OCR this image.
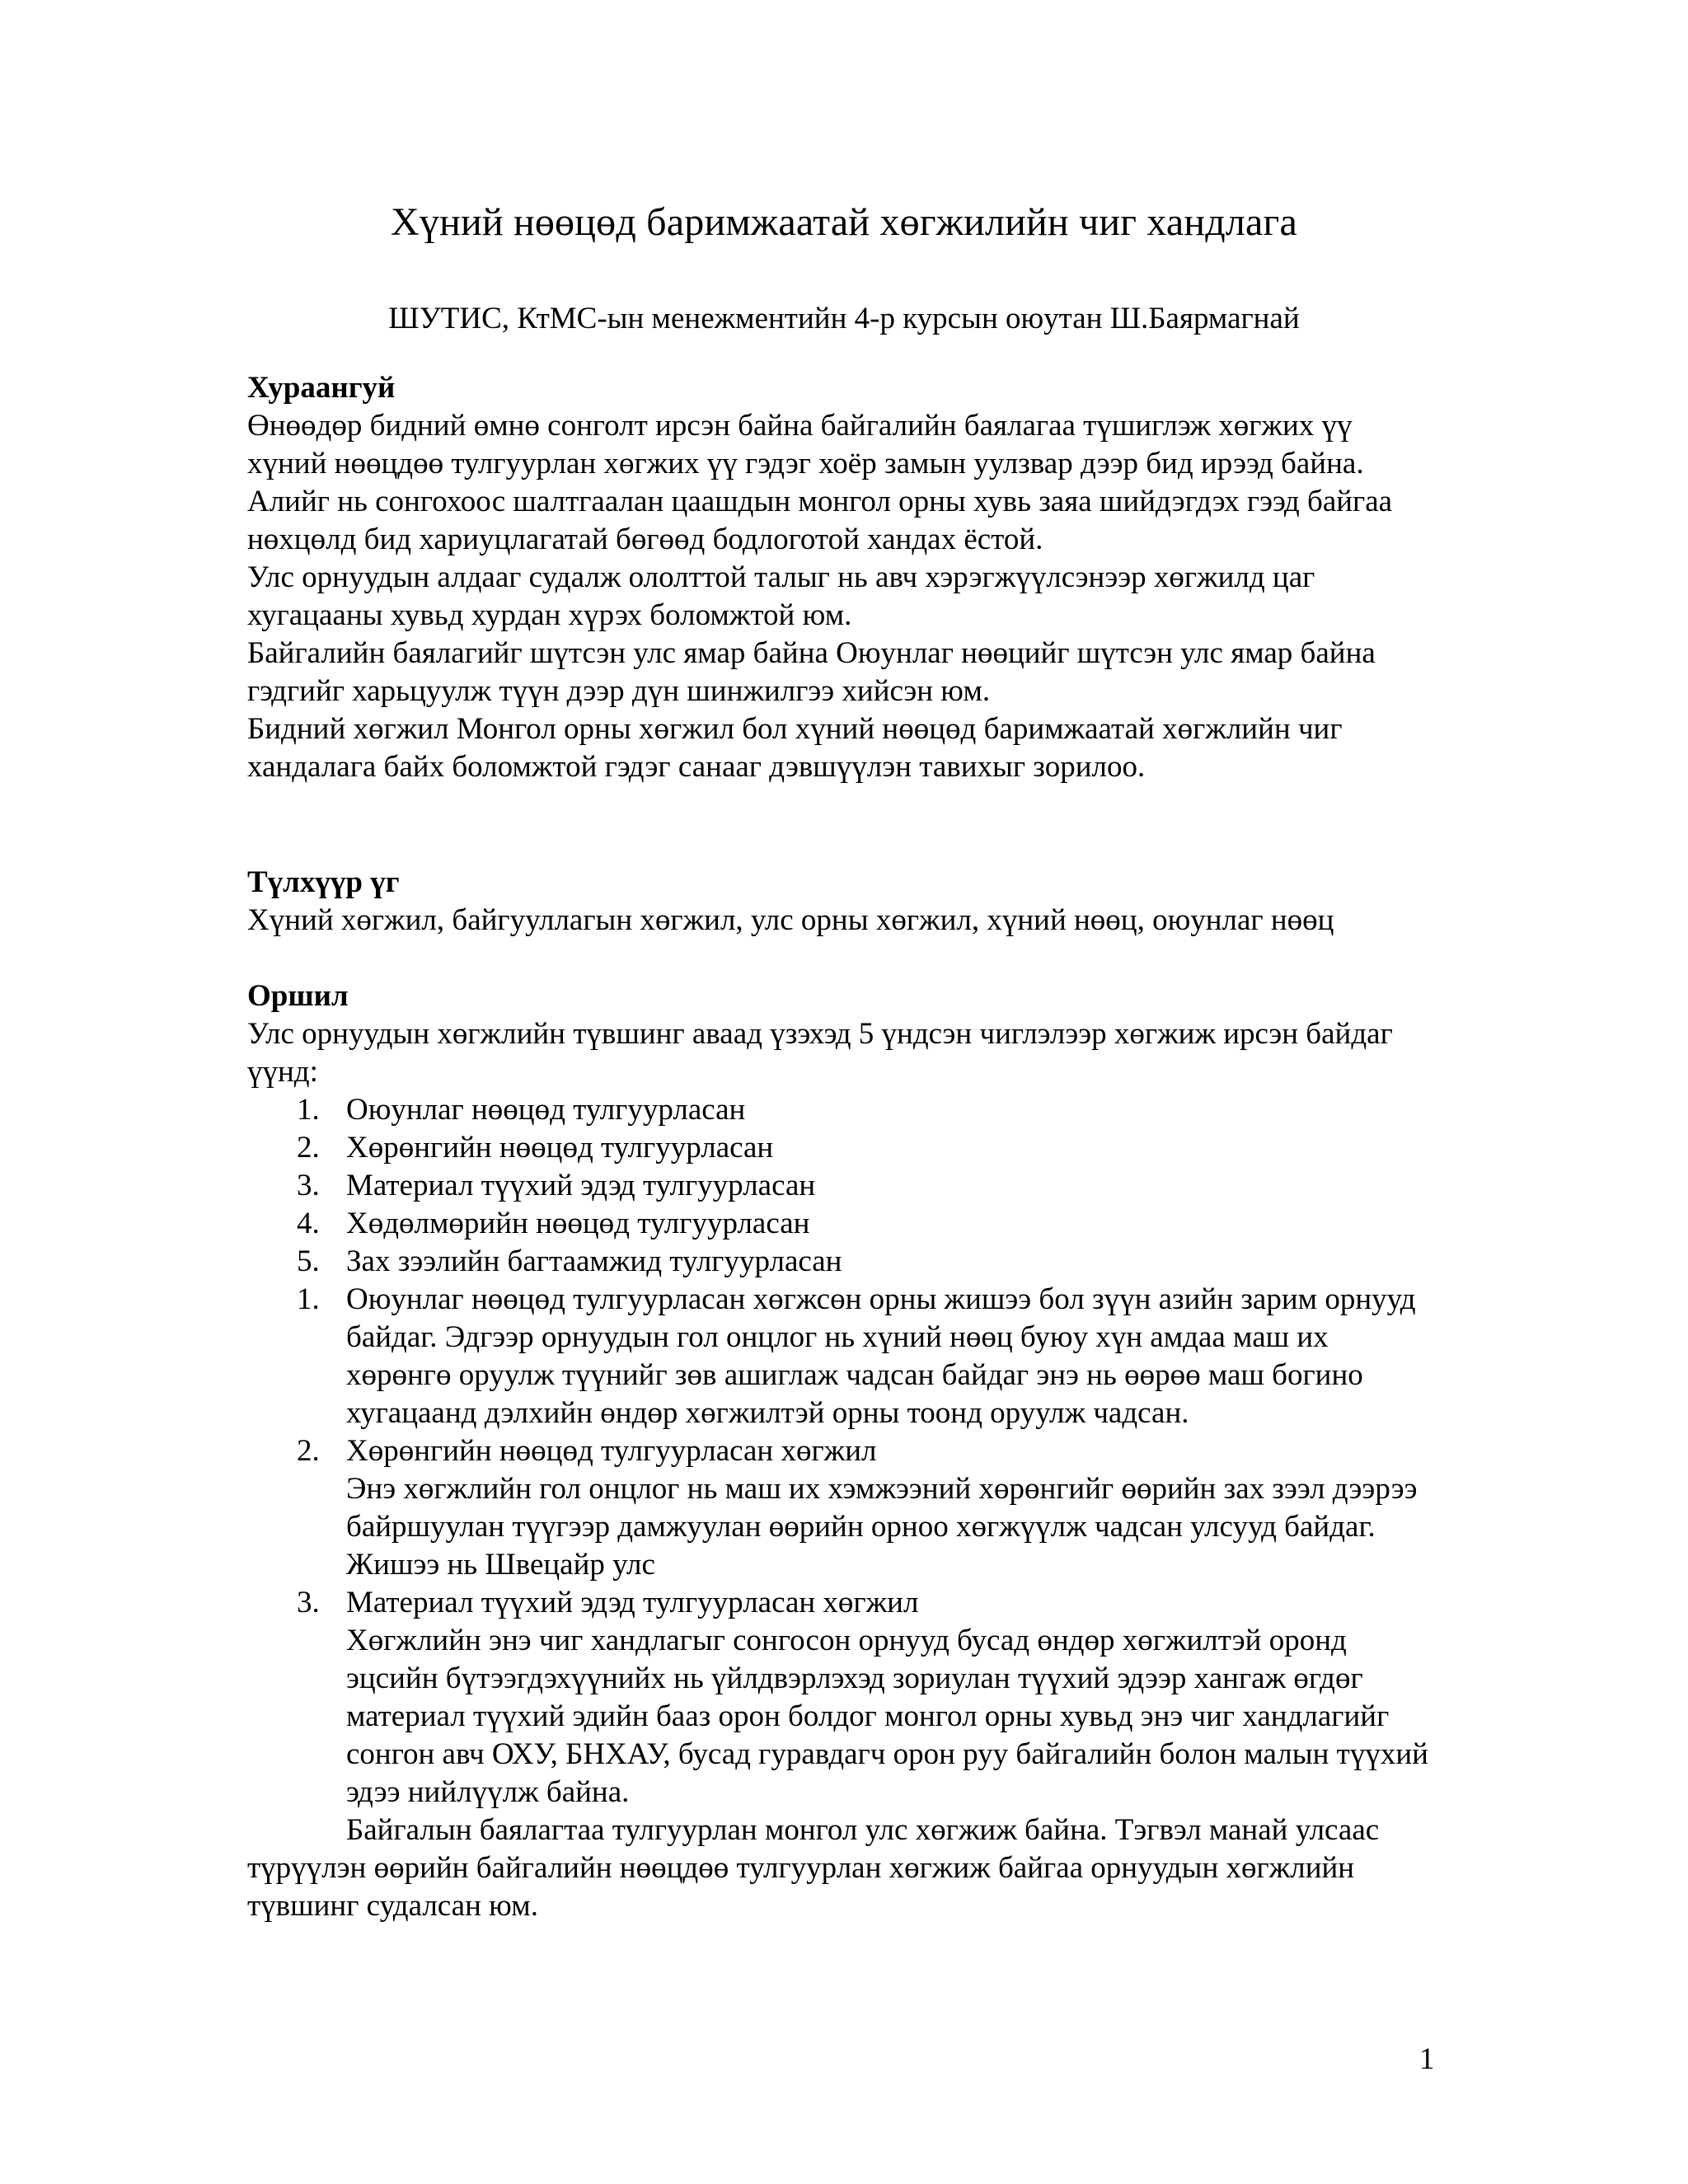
Хүний нөөцөд баримжаатай хөгжилийн чиг хандлага
ШУТИС, КтМС-ын менежментийн 4-р курсын оюутан Ш.Баярмагнай
Хураангуй

Өнөөдөр бидний өмнө сонголт ирсэн байна байгалийн баялагаа түшиглэж хөгжих үү хүний нөөцдөө тулгуурлан хөгжих үү гэдэг хоёр замын уулзвар дээр бид ирээд байна.

Алийг нь сонгохоос шалтгаалан цаашдын монгол орны хувь заяа шийдэгдэх гээд байгаа нөхцөлд бид хариуцлагатай бөгөөд бодлоготой хандах ёстой.

Улс орнуудын алдааг судалж ололттой талыг нь авч хэрэгжүүлсэнээр хөгжилд цаг хугацааны хувьд хурдан хүрэх боломжтой юм.

Байгалийн баялагийг шүтсэн улс ямар байна Оюунлаг нөөцийг шүтсэн улс ямар байна гэдгийг харьцуулж түүн дээр дүн шинжилгээ хийсэн юм.

Бидний хөгжил Монгол орны хөгжил бол хүний нөөцөд баримжаатай хөгжлийн чиг хандалага байх боломжтой гэдэг санааг дэвшүүлэн тавихыг зорилоо.

Түлхүүр үг

Хүний хөгжил, байгууллагын хөгжил, улс орны хөгжил, хүний нөөц, оюунлаг нөөц

Оршил

Улс орнуудын хөгжлийн түвшинг аваад үзэхэд 5 үндсэн чиглэлээр хөгжиж ирсэн байдаг үүнд:

1. Оюунлаг нөөцөд тулгуурласан
2. Хөрөнгийн нөөцөд тулгуурласан
3. Материал түүхий эдэд тулгуурласан
4. Хөдөлмөрийн нөөцөд тулгуурласан
5. Зах зээлийн багтаамжид тулгуурласан
1. Оюунлаг нөөцөд тулгуурласан хөгжсөн орны жишээ бол зүүн азийн зарим орнууд байдаг. Эдгээр орнуудын гол онцлог нь хүний нөөц буюу хүн амдаа маш их хөрөнгө оруулж түүнийг зөв ашиглаж чадсан байдаг энэ нь өөрөө маш богино хугацаанд дэлхийн өндөр хөгжилтэй орны тоонд оруулж чадсан.
2. Хөрөнгийн нөөцөд тулгуурласан хөгжил
Энэ хөгжлийн гол онцлог нь маш их хэмжээний хөрөнгийг өөрийн зах зээл дээрээ байршуулан түүгээр дамжуулан өөрийн орноо хөгжүүлж чадсан улсууд байдаг. Жишээ нь Швецайр улс
3. Материал түүхий эдэд тулгуурласан хөгжил
Хөгжлийн энэ чиг хандлагыг сонгосон орнууд бусад өндөр хөгжилтэй оронд эцсийн бүтээгдэхүүнийх нь үйлдвэрлэхэд зориулан түүхий эдээр хангаж өгдөг материал түүхий эдийн бааз орон болдог монгол орны хувьд энэ чиг хандлагийг сонгон авч ОХУ, БНХАУ, бусад гуравдагч орон руу байгалийн болон малын түүхий эдээ нийлүүлж байна.

Байгалын баялагтаа тулгуурлан монгол улс хөгжиж байна. Тэгвэл манай улсаас түрүүлэн өөрийн байгалийн нөөцдөө тулгуурлан хөгжиж байгаа орнуудын хөгжлийн түвшинг судалсан юм.

1
